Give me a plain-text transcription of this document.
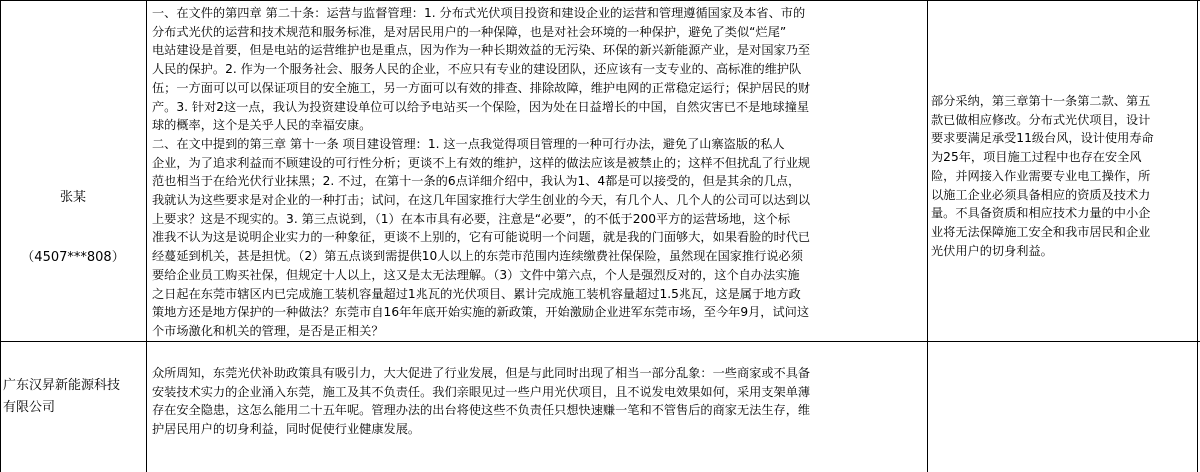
张某

（4507***808）

一、在文件的第四章 第二十条：运营与监督管理：1. 分布式光伏项目投资和建设企业的运营和管理遵循国家及本省、市的
分布式光伏的运营和技术规范和服务标准，是对居民用户的一种保障，也是对社会环境的一种保护，避免了类似“烂尾”
电站建设是首要，但是电站的运营维护也是重点，因为作为一种长期效益的无污染、环保的新兴新能源产业，是对国家乃至
人民的保护。2. 作为一个服务社会、服务人民的企业，不应只有专业的建设团队，还应该有一支专业的、高标准的维护队
伍；一方面可以可以保证项目的安全施工，另一方面可以有效的排查、排除故障，维护电网的正常稳定运行；保护居民的财
产。3. 针对2这一点，我认为投资建设单位可以给予电站买一个保险，因为处在日益增长的中国，自然灾害已不是地球撞星
球的概率，这个是关乎人民的幸福安康。
二、在文中提到的第三章 第十一条 项目建设管理：1. 这一点我觉得项目管理的一种可行办法，避免了山寨盗版的私人
企业，为了追求利益而不顾建设的可行性分析；更谈不上有效的维护，这样的做法应该是被禁止的；这样不但扰乱了行业规
范也相当于在给光伏行业抹黑；2. 不过，在第十一条的6点详细介绍中，我认为1、4都是可以接受的，但是其余的几点，
我就认为这些要求是对企业的一种打击；试问，在这几年国家推行大学生创业的今天，有几个人、几个人的公司可以达到以
上要求？这是不现实的。3. 第三点说到，（1）在本市具有必要，注意是“必要”，的不低于200平方的运营场地，这个标
准我不认为这是说明企业实力的一种象征，更谈不上别的，它有可能说明一个问题，就是我的门面够大，如果看脸的时代已
经蔓延到机关，甚是担忧。（2）第五点谈到需提供10人以上的东莞市范围内连续缴费社保保险，虽然现在国家推行说必须
要给企业员工购买社保，但规定十人以上，这又是太无法理解。（3）文件中第六点，个人是强烈反对的，这个自办法实施
之日起在东莞市辖区内已完成施工装机容量超过1兆瓦的光伏项目、累计完成施工装机容量超过1.5兆瓦，这是属于地方政
策地方还是地方保护的一种做法？东莞市自16年年底开始实施的新政策，开始激励企业进军东莞市场，至今年9月，试问这
个市场激化和机关的管理，是否是正相关？
部分采纳，第三章第十一条第二款、第五
款已做相应修改。分布式光伏项目，设计
要求要满足承受11级台风，设计使用寿命
为25年，项目施工过程中也存在安全风
险，并网接入作业需要专业电工操作，所
以施工企业必须具备相应的资质及技术力
量。不具备资质和相应技术力量的中小企
业将无法保障施工安全和我市居民和企业
光伏用户的切身利益。
广东汉昇新能源科技
有限公司
众所周知，东莞光伏补助政策具有吸引力，大大促进了行业发展，但是与此同时出现了相当一部分乱象：一些商家或不具备
安装技术实力的企业涌入东莞，施工及其不负责任。我们亲眼见过一些户用光伏项目，且不说发电效果如何，采用支架单薄
存在安全隐患，这怎么能用二十五年呢。管理办法的出台将使这些不负责任只想快速赚一笔和不管售后的商家无法生存，维
护居民用户的切身利益，同时促使行业健康发展。
